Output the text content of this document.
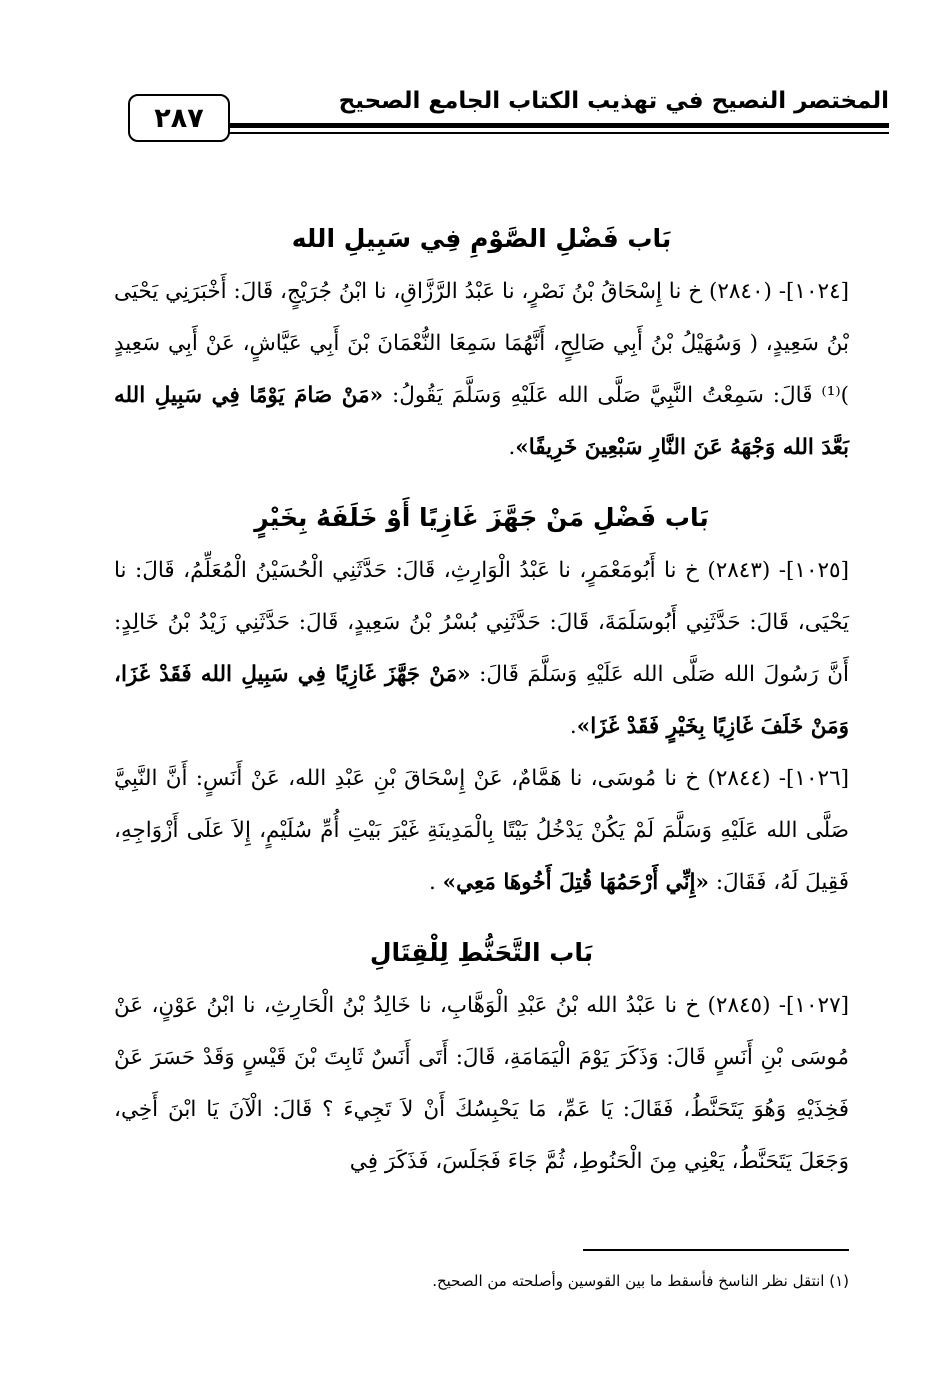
المختصر النصيح في تهذيب الكتاب الجامع الصحيح
٢٨٧
بَاب فَضْلِ الصَّوْمِ فِي سَبِيلِ الله

[١٠٢٤]- (٢٨٤٠) خ نا إِسْحَاقُ بْنُ نَصْرٍ، نا عَبْدُ الرَّزَّاقِ، نا ابْنُ جُرَيْجٍ، قَالَ: أَخْبَرَنِي يَحْيَى بْنُ سَعِيدٍ، ( وَسُهَيْلُ بْنُ أَبِي صَالِحٍ، أَنَّهُمَا سَمِعَا النُّعْمَانَ بْنَ أَبِي عَيَّاشٍ، عَنْ أَبِي سَعِيدٍ )⁽¹⁾ قَالَ: سَمِعْتُ النَّبِيَّ صَلَّى الله عَلَيْهِ وَسَلَّمَ يَقُولُ: «مَنْ صَامَ يَوْمًا فِي سَبِيلِ الله بَعَّدَ الله وَجْهَهُ عَنَ النَّارِ سَبْعِينَ خَرِيفًا».

بَاب فَضْلِ مَنْ جَهَّزَ غَازِيًا أَوْ خَلَفَهُ بِخَيْرٍ

[١٠٢٥]- (٢٨٤٣) خ نا أَبُومَعْمَرٍ، نا عَبْدُ الْوَارِثِ، قَالَ: حَدَّثَنِي الْحُسَيْنُ الْمُعَلِّمُ، قَالَ: نا يَحْيَى، قَالَ: حَدَّثَنِي أَبُوسَلَمَةَ، قَالَ: حَدَّثَنِي بُسْرُ بْنُ سَعِيدٍ، قَالَ: حَدَّثَنِي زَيْدُ بْنُ خَالِدٍ: أَنَّ رَسُولَ الله صَلَّى الله عَلَيْهِ وَسَلَّمَ قَالَ: «مَنْ جَهَّزَ غَازِيًا فِي سَبِيلِ الله فَقَدْ غَزَا، وَمَنْ خَلَفَ غَازِيًا بِخَيْرٍ فَقَدْ غَزَا».

[١٠٢٦]- (٢٨٤٤) خ نا مُوسَى، نا هَمَّامٌ، عَنْ إِسْحَاقَ بْنِ عَبْدِ الله، عَنْ أَنَسٍ: أَنَّ النَّبِيَّ صَلَّى الله عَلَيْهِ وَسَلَّمَ لَمْ يَكُنْ يَدْخُلُ بَيْتًا بِالْمَدِينَةِ غَيْرَ بَيْتِ أُمِّ سُلَيْمٍ، إِلاَ عَلَى أَزْوَاجِهِ، فَقِيلَ لَهُ، فَقَالَ: «إِنِّي أَرْحَمُهَا قُتِلَ أَخُوهَا مَعِي» .

بَاب التَّحَنُّطِ لِلْقِتَالِ

[١٠٢٧]- (٢٨٤٥) خ نا عَبْدُ الله بْنُ عَبْدِ الْوَهَّابِ، نا خَالِدُ بْنُ الْحَارِثِ، نا ابْنُ عَوْنٍ، عَنْ مُوسَى بْنِ أَنَسٍ قَالَ: وَذَكَرَ يَوْمَ الْيَمَامَةِ، قَالَ: أَتَى أَنَسٌ ثَابِتَ بْنَ قَيْسٍ وَقَدْ حَسَرَ عَنْ فَخِذَيْهِ وَهُوَ يَتَحَنَّطُ، فَقَالَ: يَا عَمِّ، مَا يَحْبِسُكَ أَنْ لاَ تَجِيءَ ؟ قَالَ: الْآنَ يَا ابْنَ أَخِي، وَجَعَلَ يَتَحَنَّطُ، يَعْنِي مِنَ الْحَنُوطِ، ثُمَّ جَاءَ فَجَلَسَ، فَذَكَرَ فِي

(١) انتقل نظر الناسخ فأسقط ما بين القوسين وأصلحته من الصحيح.
